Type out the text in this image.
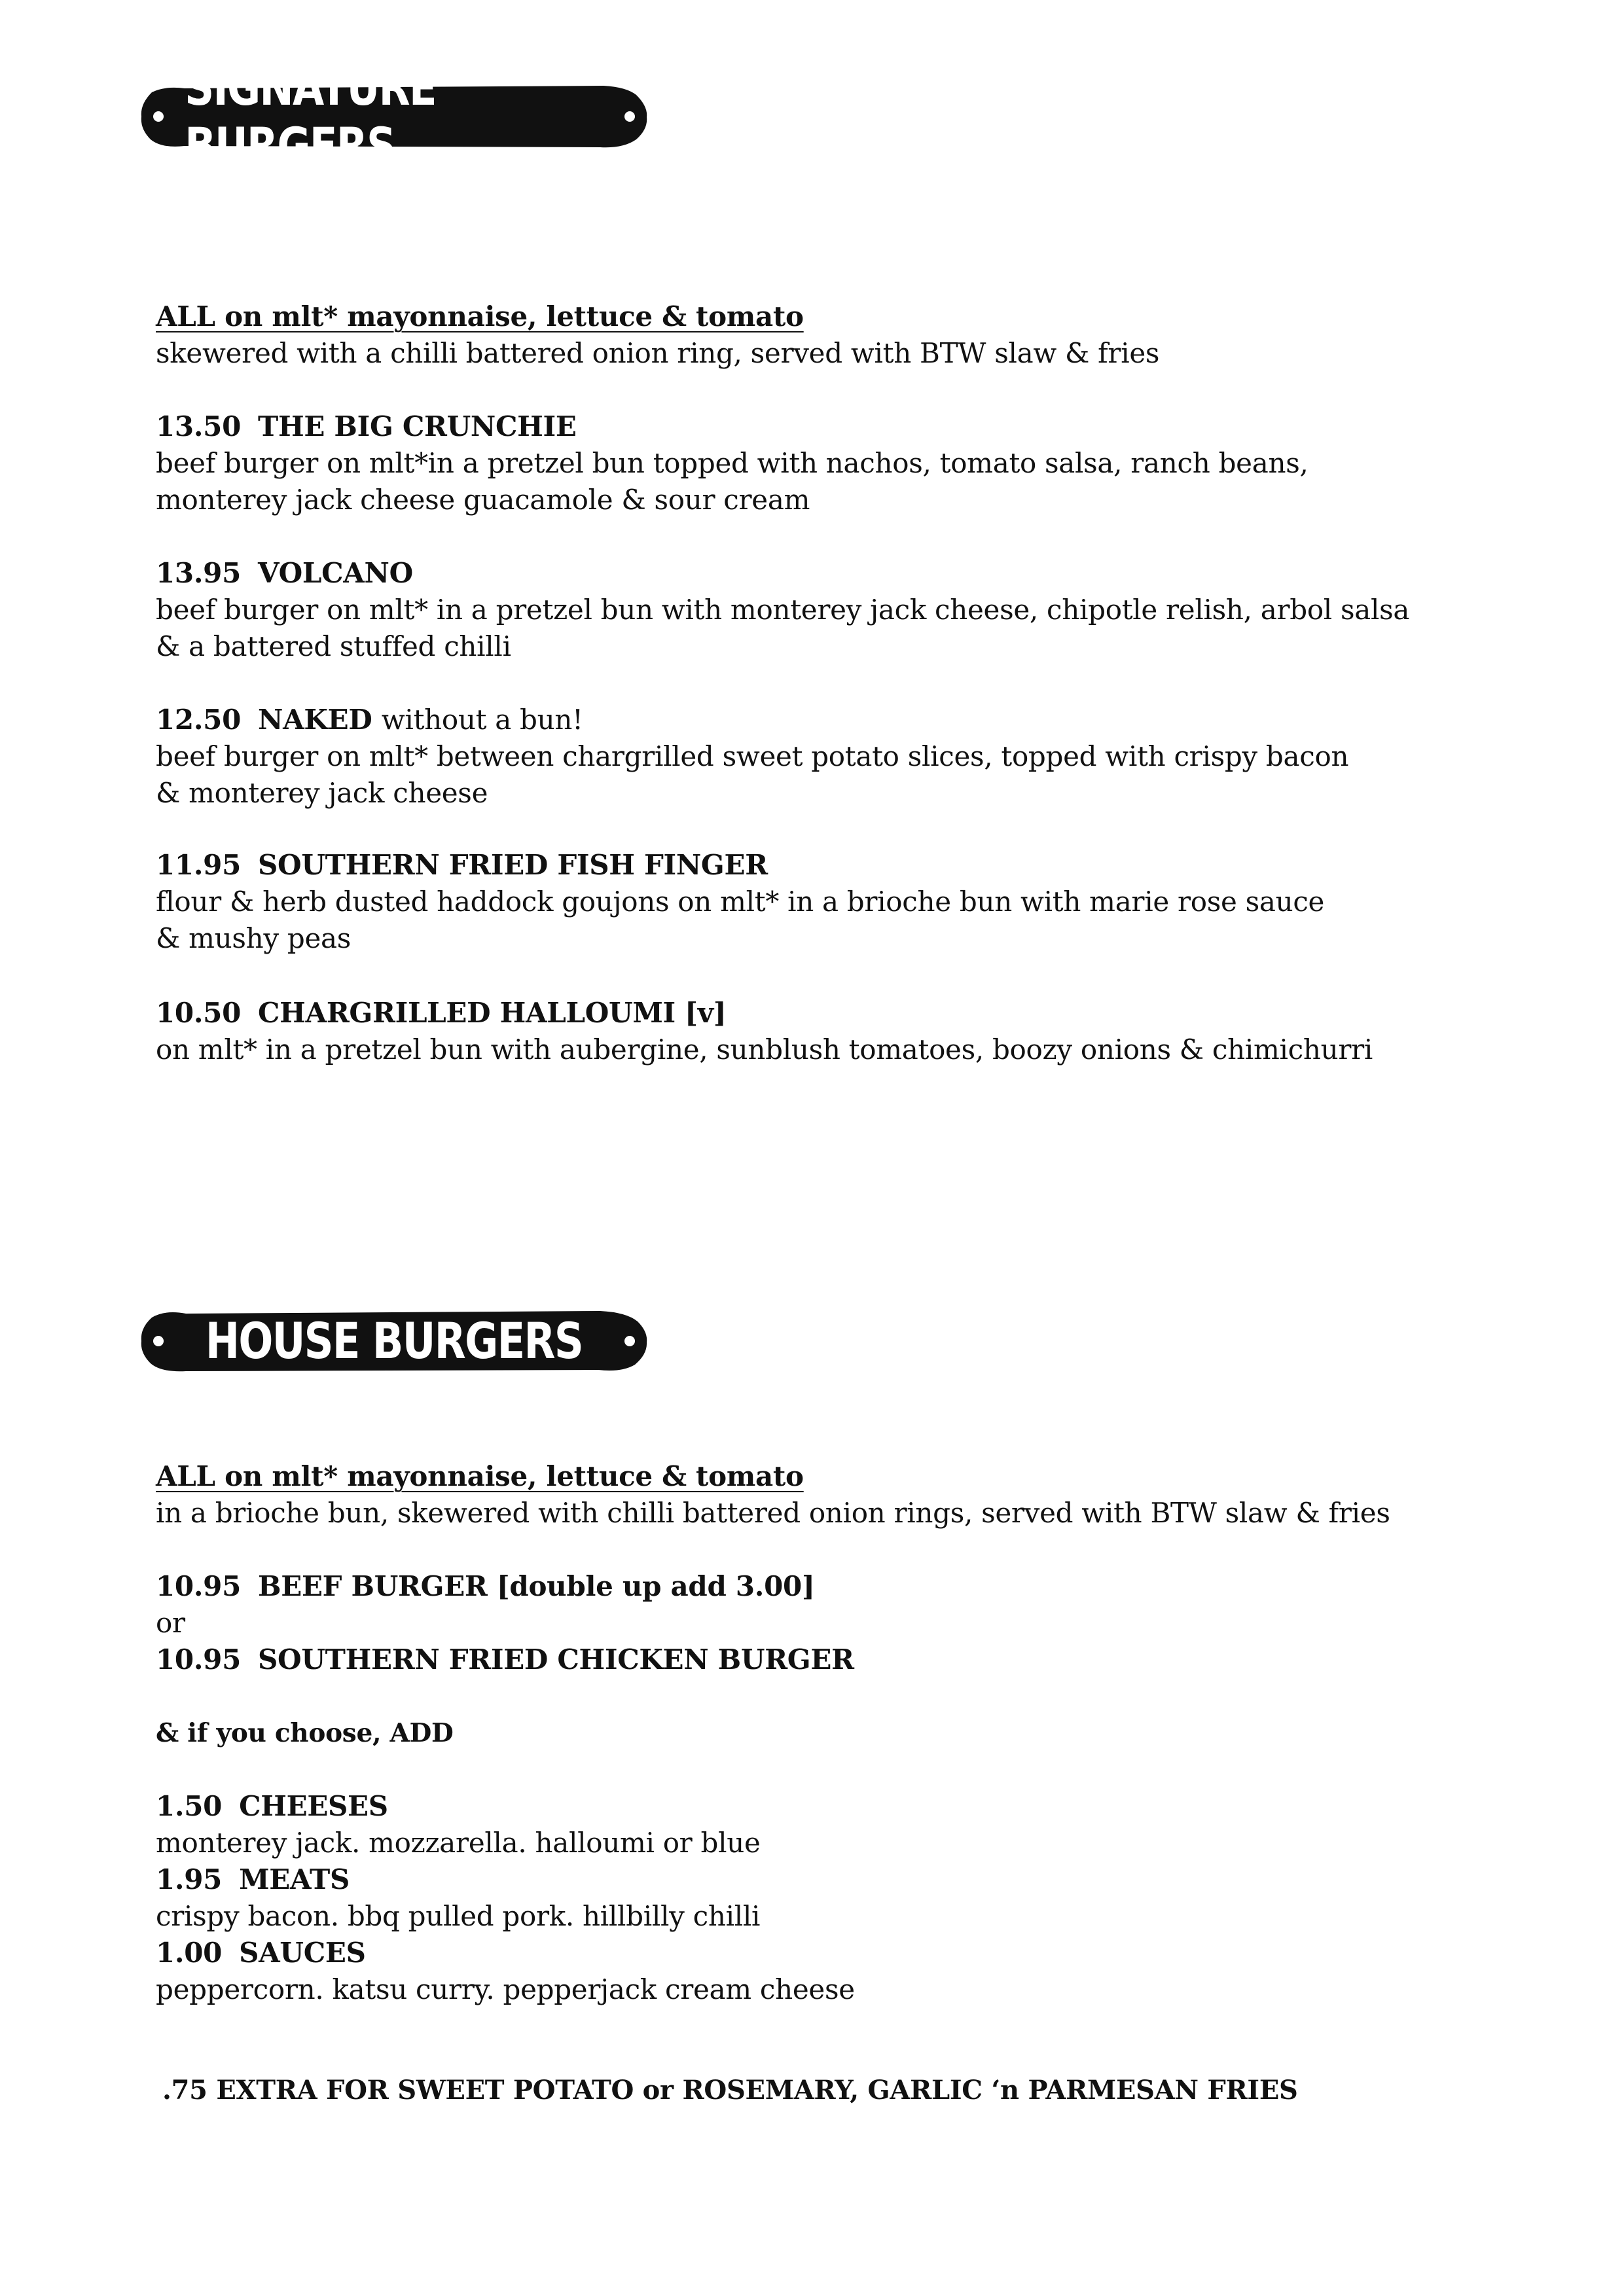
SIGNATURE BURGERS
ALL on mlt* mayonnaise, lettuce & tomato
skewered with a chilli battered onion ring, served with BTW slaw & fries
13.50 THE BIG CRUNCHIE
beef burger on mlt*in a pretzel bun topped with nachos, tomato salsa, ranch beans,
monterey jack cheese guacamole & sour cream
13.95 VOLCANO
beef burger on mlt* in a pretzel bun with monterey jack cheese, chipotle relish, arbol salsa
& a battered stuffed chilli
12.50 NAKED without a bun!
beef burger on mlt* between chargrilled sweet potato slices, topped with crispy bacon
& monterey jack cheese
11.95 SOUTHERN FRIED FISH FINGER
flour & herb dusted haddock goujons on mlt* in a brioche bun with marie rose sauce
& mushy peas
10.50 CHARGRILLED HALLOUMI [v]
on mlt* in a pretzel bun with aubergine, sunblush tomatoes, boozy onions & chimichurri
HOUSE BURGERS
ALL on mlt* mayonnaise, lettuce & tomato
in a brioche bun, skewered with chilli battered onion rings, served with BTW slaw & fries
10.95 BEEF BURGER [double up add 3.00]
or
10.95 SOUTHERN FRIED CHICKEN BURGER
& if you choose, ADD
1.50 CHEESES
monterey jack. mozzarella. halloumi or blue
1.95 MEATS
crispy bacon. bbq pulled pork. hillbilly chilli
1.00 SAUCES
peppercorn. katsu curry. pepperjack cream cheese
.75 EXTRA FOR SWEET POTATO or ROSEMARY, GARLIC ‘n PARMESAN FRIES
